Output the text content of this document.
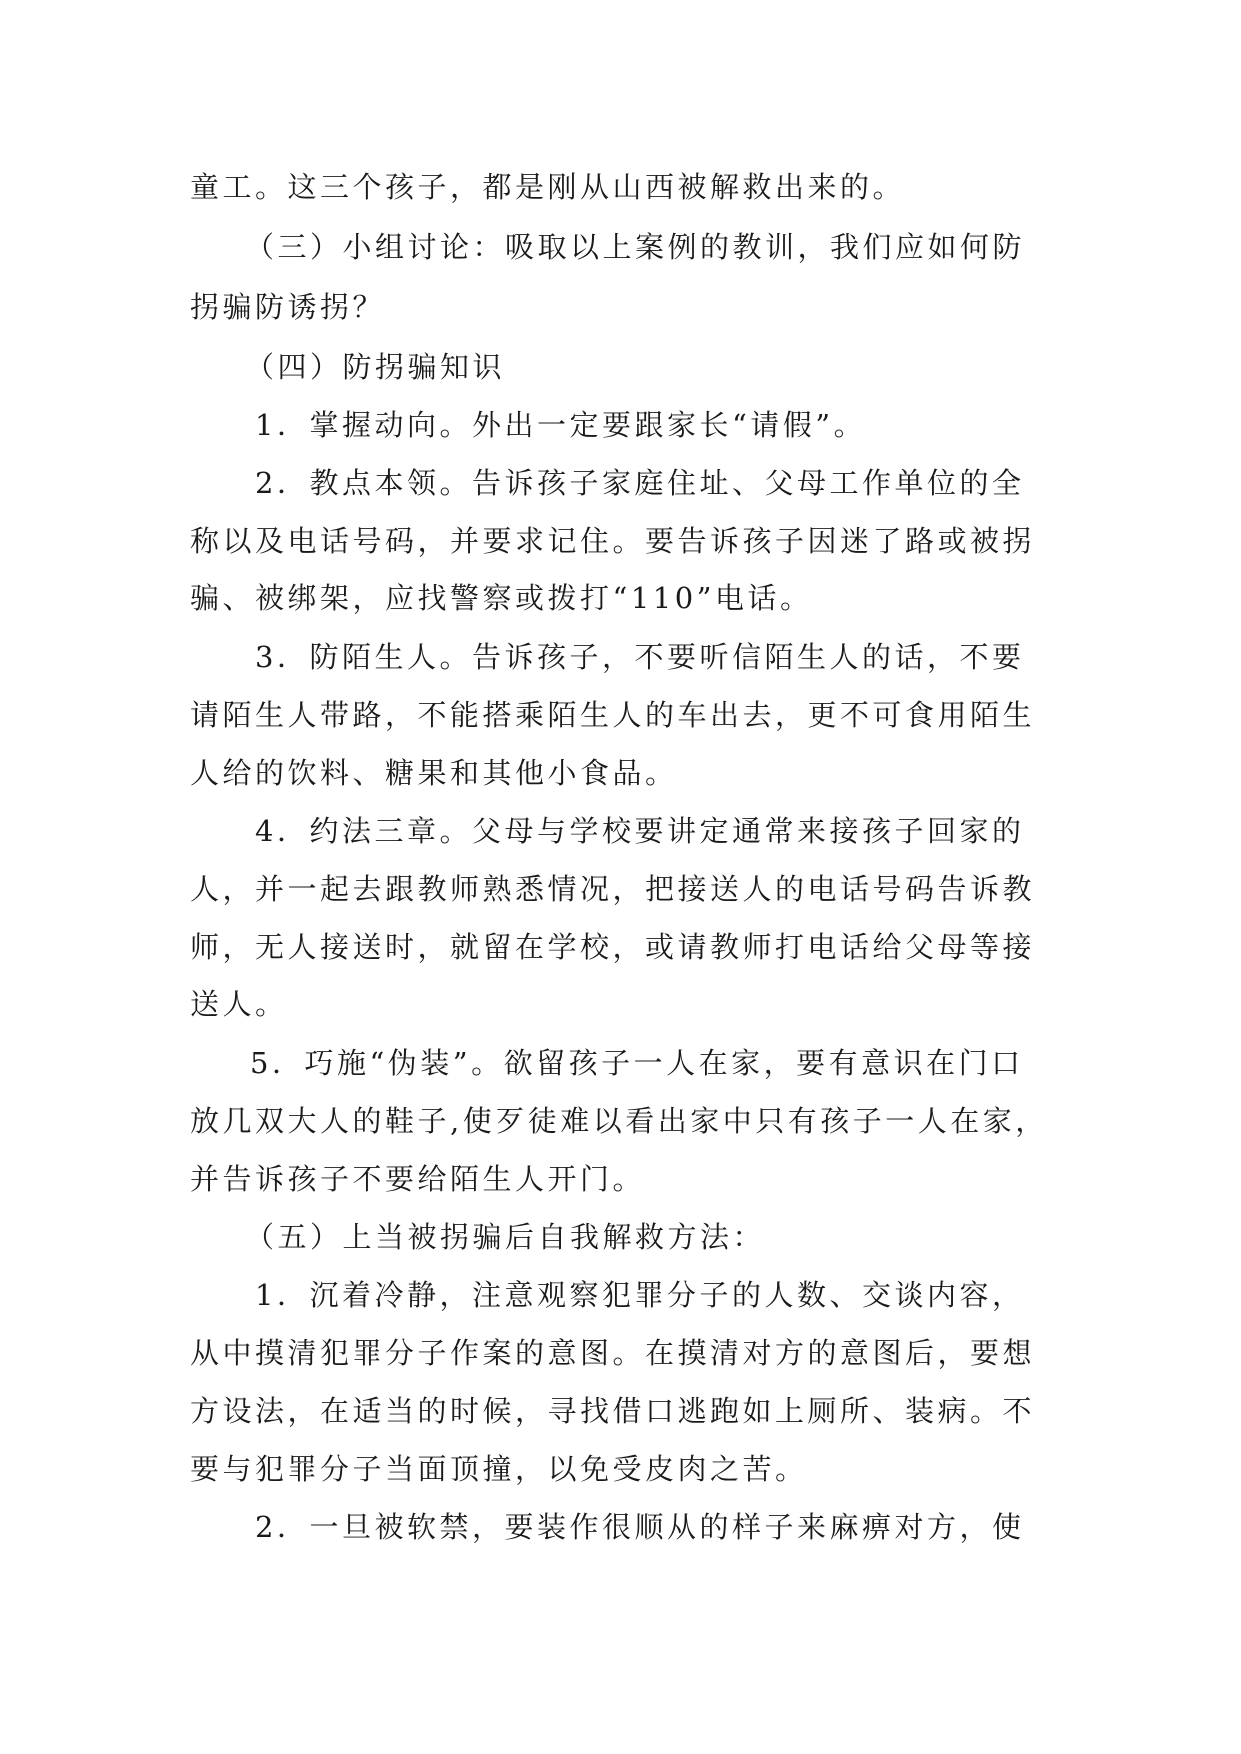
童工。这三个孩子，都是刚从山西被解救出来的。
（三）小组讨论：吸取以上案例的教训，我们应如何防
拐骗防诱拐？
（四）防拐骗知识
1．掌握动向。外出一定要跟家长“请假”。
2．教点本领。告诉孩子家庭住址、父母工作单位的全
称以及电话号码，并要求记住。要告诉孩子因迷了路或被拐
骗、被绑架，应找警察或拨打“110”电话。
3．防陌生人。告诉孩子，不要听信陌生人的话，不要
请陌生人带路，不能搭乘陌生人的车出去，更不可食用陌生
人给的饮料、糖果和其他小食品。
4．约法三章。父母与学校要讲定通常来接孩子回家的
人，并一起去跟教师熟悉情况，把接送人的电话号码告诉教
师，无人接送时，就留在学校，或请教师打电话给父母等接
送人。
5．巧施“伪装”。欲留孩子一人在家，要有意识在门口
放几双大人的鞋子,使歹徒难以看出家中只有孩子一人在家，
并告诉孩子不要给陌生人开门。
（五）上当被拐骗后自我解救方法：
1．沉着冷静，注意观察犯罪分子的人数、交谈内容，
从中摸清犯罪分子作案的意图。在摸清对方的意图后，要想
方设法，在适当的时候，寻找借口逃跑如上厕所、装病。不
要与犯罪分子当面顶撞，以免受皮肉之苦。
2．一旦被软禁，要装作很顺从的样子来麻痹对方，使
